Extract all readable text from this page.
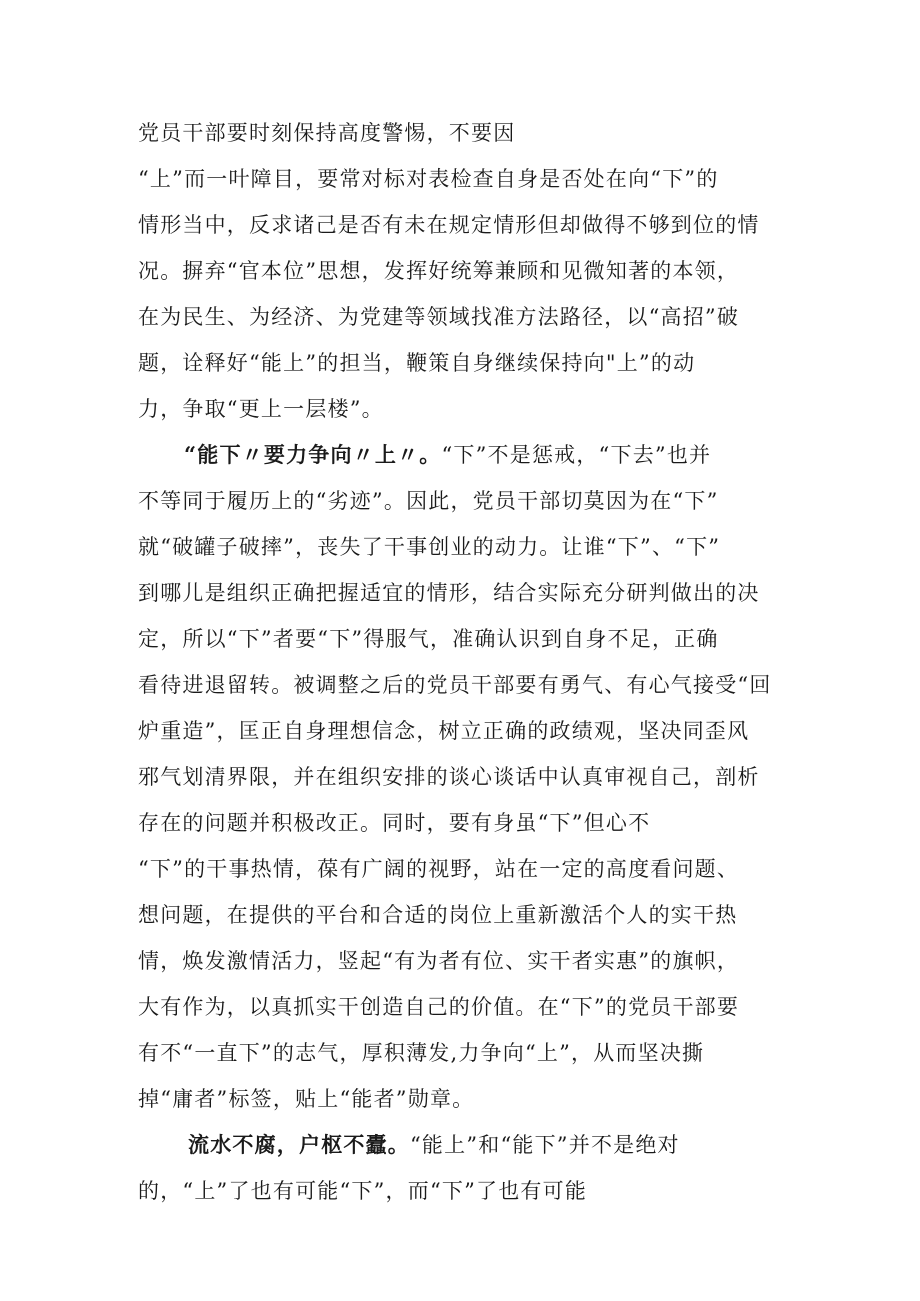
党员干部要时刻保持高度警惕，不要因
“上”而一叶障目，要常对标对表检查自身是否处在向“下”的
情形当中，反求诸己是否有未在规定情形但却做得不够到位的情
况。摒弃“官本位”思想，发挥好统筹兼顾和见微知著的本领，
在为民生、为经济、为党建等领域找准方法路径，以“高招”破
题，诠释好“能上”的担当，鞭策自身继续保持向"上”的动
力，争取“更上一层楼”。
“能下〃要力争向〃上〃。“下”不是惩戒，“下去”也并
不等同于履历上的“劣迹”。因此，党员干部切莫因为在“下”
就“破罐子破摔”，丧失了干事创业的动力。让谁“下”、“下”
到哪儿是组织正确把握适宜的情形，结合实际充分研判做出的决
定，所以“下”者要“下”得服气，准确认识到自身不足，正确
看待进退留转。被调整之后的党员干部要有勇气、有心气接受“回
炉重造”，匡正自身理想信念，树立正确的政绩观，坚决同歪风
邪气划清界限，并在组织安排的谈心谈话中认真审视自己，剖析
存在的问题并积极改正。同时，要有身虽“下”但心不
“下”的干事热情，葆有广阔的视野，站在一定的高度看问题、
想问题，在提供的平台和合适的岗位上重新激活个人的实干热
情，焕发激情活力，竖起“有为者有位、实干者实惠”的旗帜，
大有作为，以真抓实干创造自己的价值。在“下”的党员干部要
有不“一直下”的志气，厚积薄发,力争向“上”，从而坚决撕
掉“庸者”标签，贴上“能者”勋章。
流水不腐，户枢不蠹。“能上”和“能下”并不是绝对
的，“上”了也有可能“下”，而“下”了也有可能
